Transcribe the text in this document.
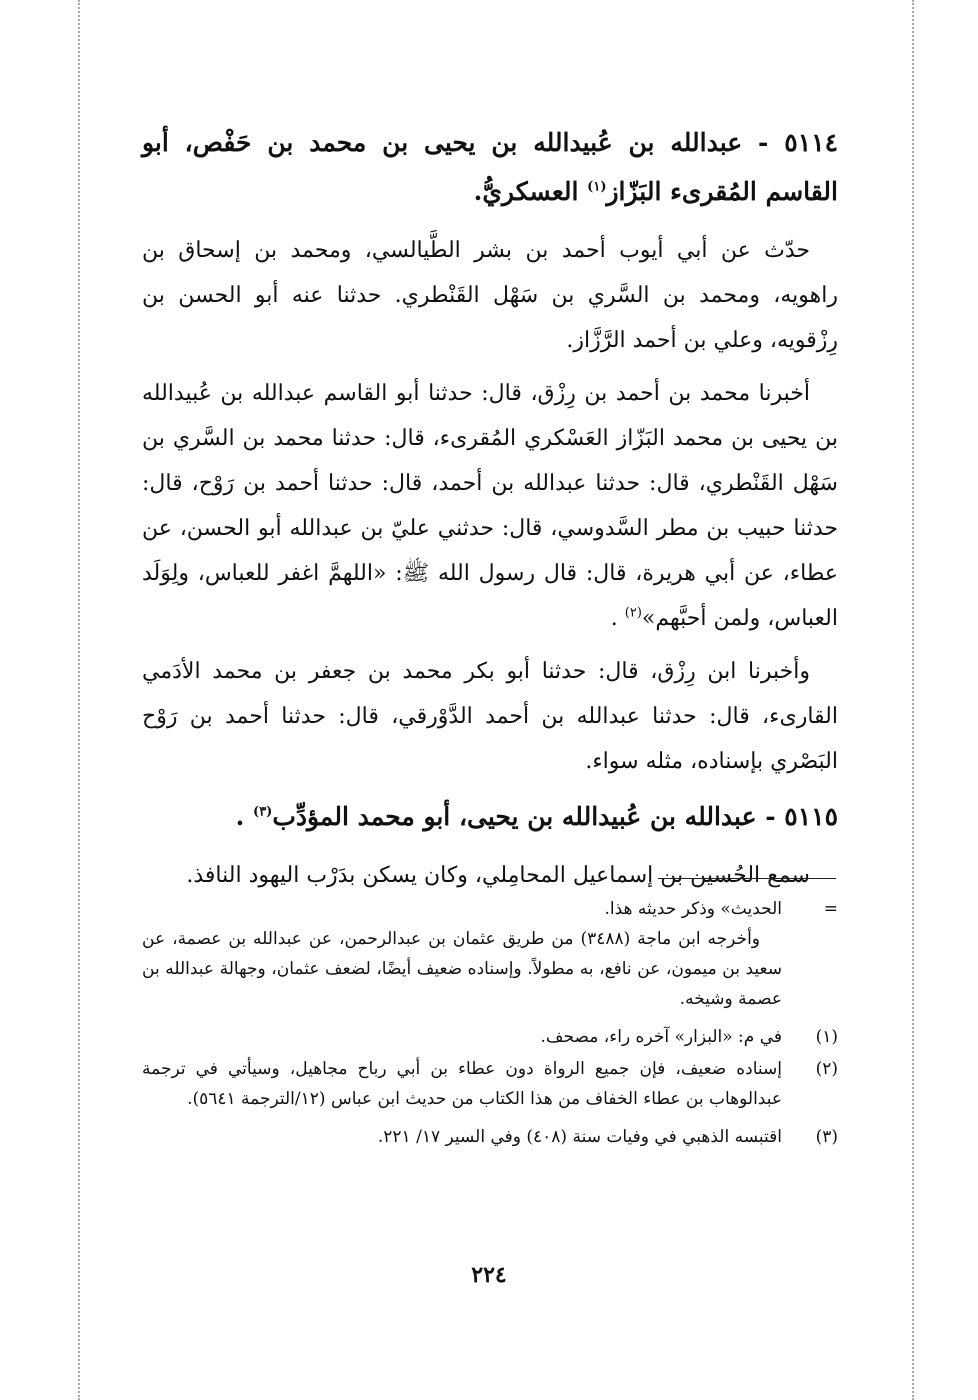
٥١١٤ - عبدالله بن عُبيدالله بن يحيى بن محمد بن حَفْص، أبو القاسم المُقرىء البَزّاز$^{(١)}$ العسكريُّ.

حدّث عن أبي أيوب أحمد بن بشر الطَّيالسي، ومحمد بن إسحاق بن راهويه، ومحمد بن السَّري بن سَهْل القَنْطري. حدثنا عنه أبو الحسن بن رِزْقويه، وعلي بن أحمد الرَّزَّاز.

أخبرنا محمد بن أحمد بن رِزْق، قال: حدثنا أبو القاسم عبدالله بن عُبيدالله بن يحيى بن محمد البَزّاز العَسْكري المُقرىء، قال: حدثنا محمد بن السَّري بن سَهْل القَنْطري، قال: حدثنا عبدالله بن أحمد، قال: حدثنا أحمد بن رَوْح، قال: حدثنا حبيب بن مطر السَّدوسي، قال: حدثني عليّ بن عبدالله أبو الحسن، عن عطاء، عن أبي هريرة، قال: قال رسول الله ﷺ: «اللهمَّ اغفر للعباس، ولِوَلَد العباس، ولمن أحبَّهم»$^{(٢)}$ .

وأخبرنا ابن رِزْق، قال: حدثنا أبو بكر محمد بن جعفر بن محمد الأدَمي القارىء، قال: حدثنا عبدالله بن أحمد الدَّوْرقي، قال: حدثنا أحمد بن رَوْح البَصْري بإسناده، مثله سواء.

٥١١٥ - عبدالله بن عُبيدالله بن يحيى، أبو محمد المؤدِّب$^{(٣)}$ .

سمع الحُسين بن إسماعيل المحامِلي، وكان يسكن بدَرْب اليهود النافذ.

=

الحديث» وذكر حديثه هذا.

وأخرجه ابن ماجة (٣٤٨٨) من طريق عثمان بن عبدالرحمن، عن عبدالله بن عصمة، عن سعيد بن ميمون، عن نافع، به مطولاً. وإسناده ضعيف أيضًا، لضعف عثمان، وجهالة عبدالله بن عصمة وشيخه.

(١)
في م: «البزار» آخره راء، مصحف.
(٢)
إسناده ضعيف، فإن جميع الرواة دون عطاء بن أبي رباح مجاهيل، وسيأتي في ترجمة عبدالوهاب بن عطاء الخفاف من هذا الكتاب من حديث ابن عباس (١٢/الترجمة ٥٦٤١).
(٣)
اقتبسه الذهبي في وفيات سنة (٤٠٨) وفي السير ١٧/ ٢٢١.
٢٢٤
